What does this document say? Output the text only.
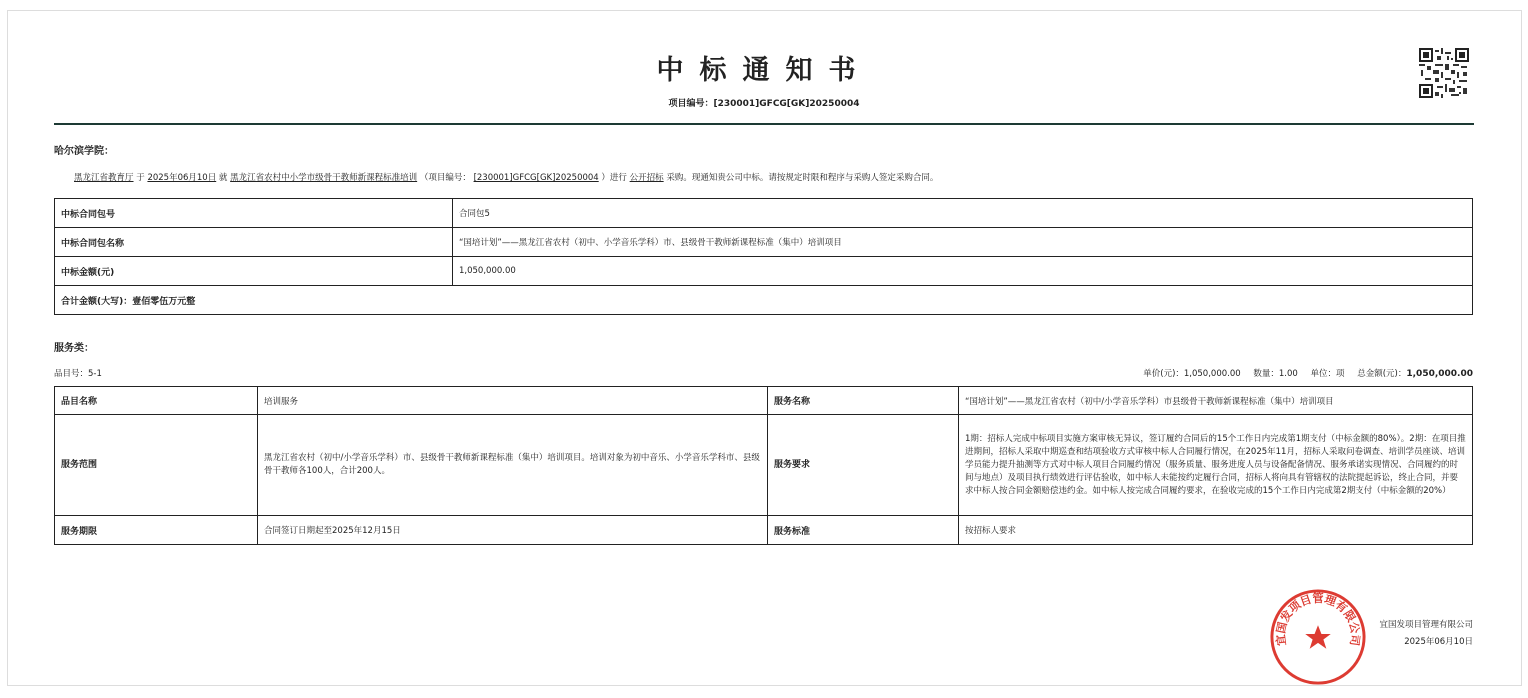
中标通知书
项目编号：[230001]GFCG[GK]20250004
哈尔滨学院：
黑龙江省教育厅 于 2025年06月10日 就 黑龙江省农村中小学市级骨干教师新课程标准培训 （项目编号： [230001]GFCG[GK]20250004 ）进行 公开招标 采购。现通知贵公司中标。请按规定时限和程序与采购人签定采购合同。
中标合同包号	合同包5
中标合同包名称	“国培计划”——黑龙江省农村（初中、小学音乐学科）市、县级骨干教师新课程标准（集中）培训项目
中标金额(元)	1,050,000.00
合计金额(大写)：壹佰零伍万元整	
服务类：
品目号：5-1	单价(元)：1,050,000.00 数量：1.00 单位：项 总金额(元)：1,050,000.00
品目名称	培训服务	服务名称	“国培计划”——黑龙江省农村（初中/小学音乐学科）市县级骨干教师新课程标准（集中）培训项目
服务范围	黑龙江省农村（初中/小学音乐学科）市、县级骨干教师新课程标准（集中）培训项目。培训对象为初中音乐、小学音乐学科市、县级骨干教师各100人，合计200人。	服务要求	1期：招标人完成中标项目实施方案审核无异议，签订履约合同后的15个工作日内完成第1期支付（中标金额的80%）。2期：在项目推进期间，招标人采取中期巡查和结项验收方式审核中标人合同履行情况，在2025年11月，招标人采取问卷调查、培训学员座谈、培训学员能力提升抽测等方式对中标人项目合同履约情况（服务质量、服务进度人员与设备配备情况、服务承诺实现情况、合同履约的时间与地点）及项目执行绩效进行评估验收，如中标人未能按约定履行合同，招标人将向具有管辖权的法院提起诉讼，终止合同，并要求中标人按合同金额赔偿违约金。如中标人按完成合同履约要求，在验收完成的15个工作日内完成第2期支付（中标金额的20%）
服务期限	合同签订日期起至2025年12月15日	服务标准	按招标人要求
宜国发项目管理有限公司
宜国发项目管理有限公司
2025年06月10日
